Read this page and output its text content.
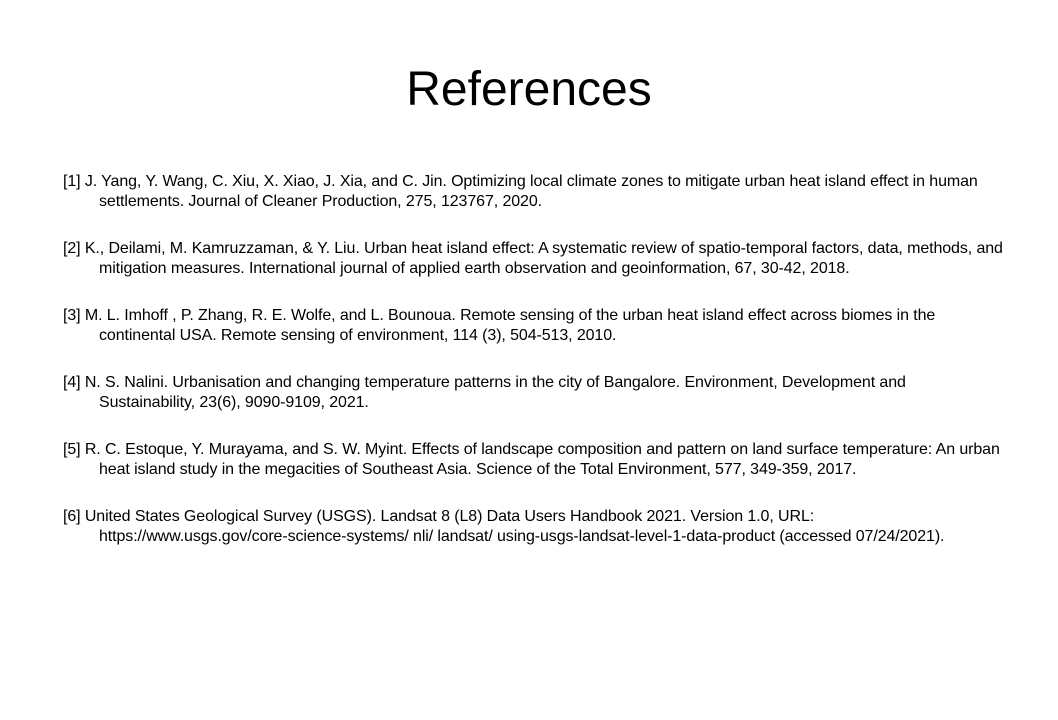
References
[1] J. Yang, Y. Wang, C. Xiu, X. Xiao, J. Xia, and C. Jin. Optimizing local climate zones to mitigate urban heat island effect in human settlements. Journal of Cleaner Production, 275, 123767, 2020.
[2] K., Deilami, M. Kamruzzaman, & Y. Liu. Urban heat island effect: A systematic review of spatio-temporal factors, data, methods, and mitigation measures. International journal of applied earth observation and geoinformation, 67, 30-42, 2018.
[3] M. L. Imhoff , P. Zhang, R. E. Wolfe, and L. Bounoua. Remote sensing of the urban heat island effect across biomes in the continental USA. Remote sensing of environment, 114 (3), 504-513, 2010.
[4] N. S. Nalini. Urbanisation and changing temperature patterns in the city of Bangalore. Environment, Development and Sustainability, 23(6), 9090-9109, 2021.
[5] R. C. Estoque, Y. Murayama, and S. W. Myint. Effects of landscape composition and pattern on land surface temperature: An urban heat island study in the megacities of Southeast Asia. Science of the Total Environment, 577, 349-359, 2017.
[6] United States Geological Survey (USGS). Landsat 8 (L8) Data Users Handbook 2021. Version 1.0, URL: https://www.usgs.gov/core-science-systems/ nli/ landsat/ using-usgs-landsat-level-1-data-product (accessed 07/24/2021).
